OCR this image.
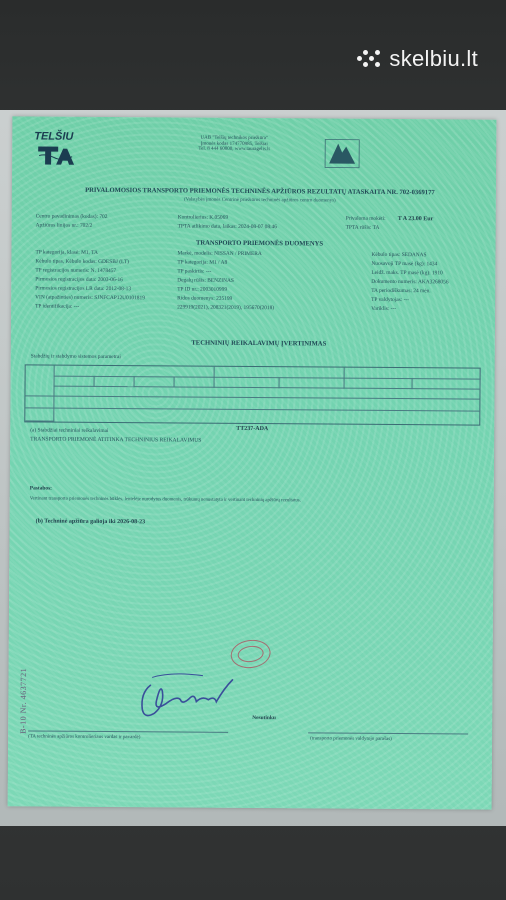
skelbiu.lt
TELŠIU	UAB "Telšių technikos priežiūra"
Įmonės kodas 174770985, Telšiai
Tel. 8 444 60000, www.tauragelis.lt
PRIVALOMOSIOS TRANSPORTO PRIEMONĖS TECHNINĖS APŽIŪROS REZULTATŲ ATASKAITA NR. 702-0369177
(Valstybės įmonės Centrinė priežiūros techninės apžiūros centro duomenys)
Centro pavadinimas (kodas): 702
Apžiūros linijos nr.: 702/2
Kontrolierius: K.05069
TPTA atlikimo data, laikas: 2024-08-07 08:46
Privaloma mokėti: T A 23.00 Eur
TPTA rūšis: TA
TRANSPORTO PRIEMONĖS DUOMENYS
TP kategorija, klasė: M1, TA
Kėbulo tipas, Kėbulo kodas: GDESBJ (LT)
TP registracijos numeris: N. 1478457
Pirmosios registracijos data: 2003-06-16
Pirmosios registracijos LR data: 2012-08-13
VIN (atpažinties) numeris: SJNFCAP12U0101819
TP identifikacija: ---
Markė, modelis: NISSAN / PRIMERA
TP kategorija: M1 / A8
TP paskirtis: ---
Degalų rūšis: BENZINAS
TP ID nr.: 2003010999
Ridos duomenys: 235199
229919(2021), 208321(2019), 195670(2018)
Kėbulo tipas: SEDANAS
Nuosavoji TP masė (kg): 1434
Leidž. maks. TP masė (kg): 1910
Dokumento numeris: AKA3268056
TA periodiškumas: 24 mėn.
TP valdytojas: ---
Variklis: ---
TECHNINIŲ REIKALAVIMŲ ĮVERTINIMAS
Stabdžių ir stabdymo sistemos parametrai
(a) Stabdžiai techniniai reikalavimai	TT237-ADA
TRANSPORTO PRIEMONĖ ATITINKA TECHNINIUS REIKALAVIMUS
Pastabos:
Vertinant transporto priemonės techninės būklės, lentelėje nurodytus duomenis, trūkumų nenustatyta ir vertinant techninių apžiūrų rezultatus.
(b) Techninė apžiūra galioja iki 2026-08-23
B-10 Nr. 4637721	Nesutinku
(TA techninės apžiūros kontrolieriaus vardas ir pavardė)	(transporto priemonės valdytojo parašas)
